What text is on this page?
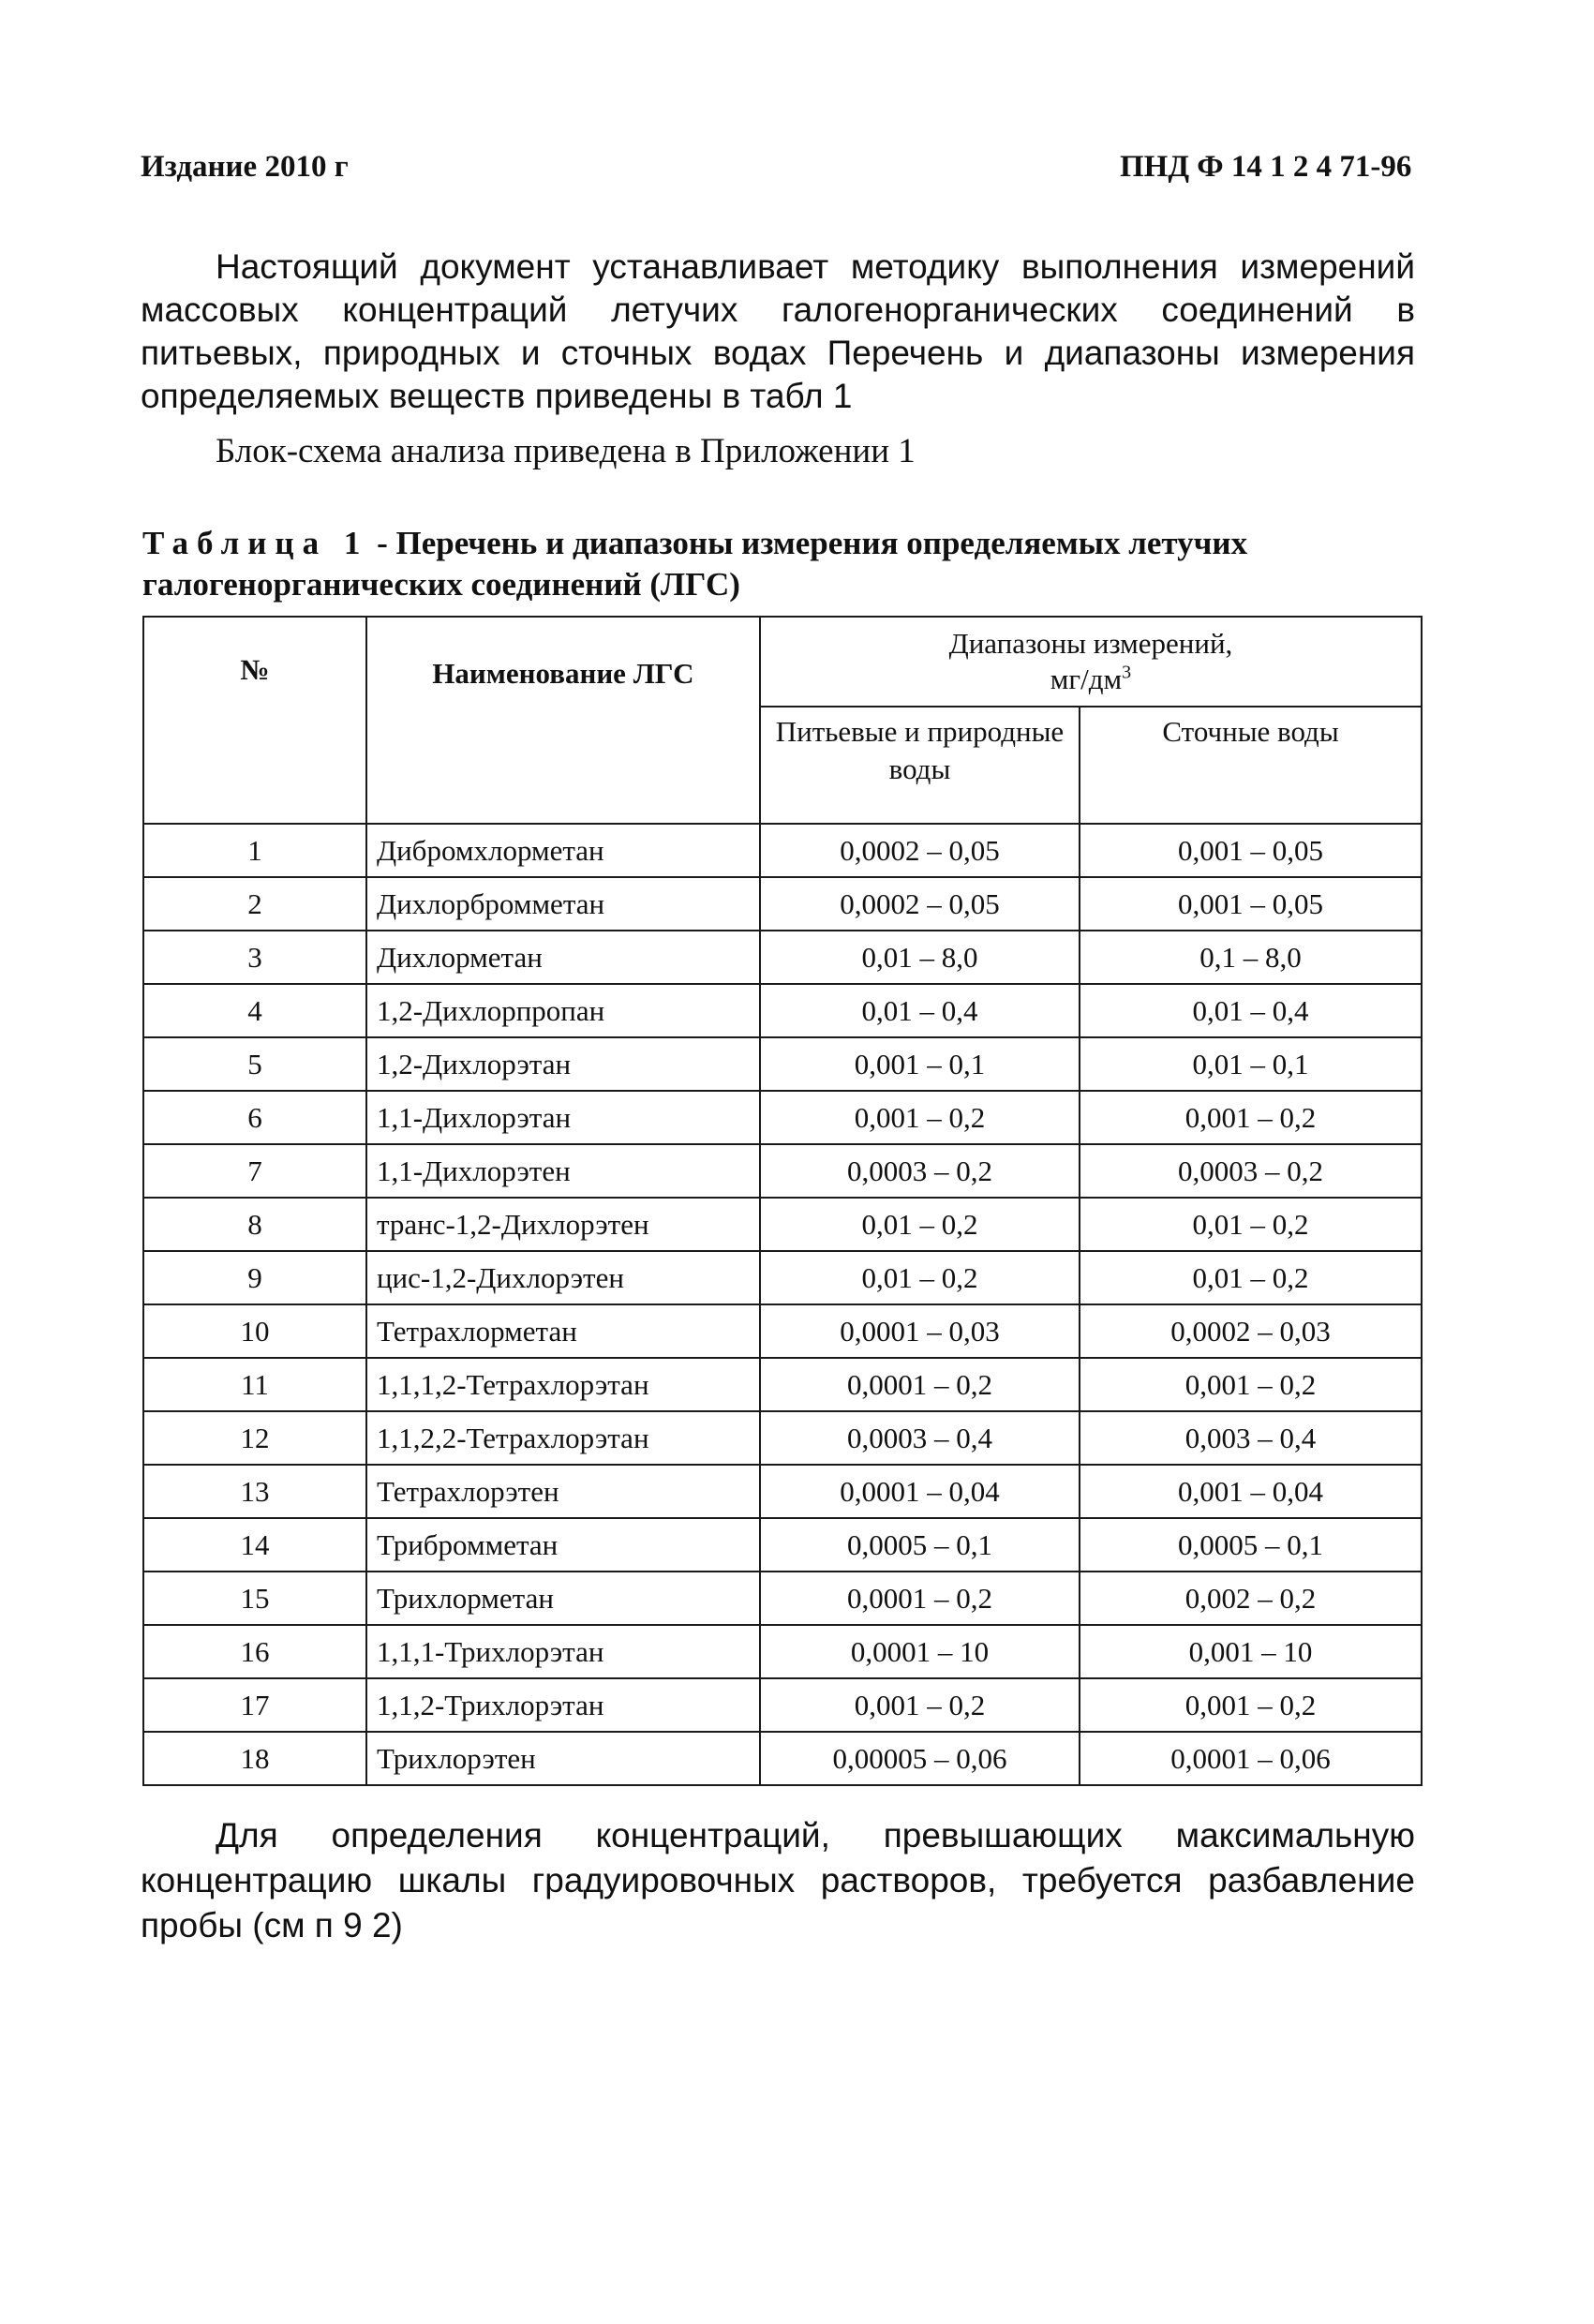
Издание 2010 г	ПНД Ф 14 1 2 4 71-96

Настоящий документ устанавливает методику выполнения измерений массовых концентраций летучих галогенорганических соединений в питьевых, природных и сточных водах Перечень и диапазоны измерения определяемых веществ приведены в табл 1

Блок-схема анализа приведена в Приложении 1

Таблица 1 - Перечень и диапазоны измерения определяемых летучих галогенорганических соединений (ЛГС)

№	Наименование ЛГС	Диапазоны измерений,
$мг/дм^3$
		Питьевые и природные воды	Сточные воды
1	Дибромхлорметан	0,0002 – 0,05	0,001 – 0,05
2	Дихлорбромметан	0,0002 – 0,05	0,001 – 0,05
3	Дихлорметан	0,01 – 8,0	0,1 – 8,0
4	1,2-Дихлорпропан	0,01 – 0,4	0,01 – 0,4
5	1,2-Дихлорэтан	0,001 – 0,1	0,01 – 0,1
6	1,1-Дихлорэтан	0,001 – 0,2	0,001 – 0,2
7	1,1-Дихлорэтен	0,0003 – 0,2	0,0003 – 0,2
8	транс-1,2-Дихлорэтен	0,01 – 0,2	0,01 – 0,2
9	цис-1,2-Дихлорэтен	0,01 – 0,2	0,01 – 0,2
10	Тетрахлорметан	0,0001 – 0,03	0,0002 – 0,03
11	1,1,1,2-Тетрахлорэтан	0,0001 – 0,2	0,001 – 0,2
12	1,1,2,2-Тетрахлорэтан	0,0003 – 0,4	0,003 – 0,4
13	Тетрахлорэтен	0,0001 – 0,04	0,001 – 0,04
14	Трибромметан	0,0005 – 0,1	0,0005 – 0,1
15	Трихлорметан	0,0001 – 0,2	0,002 – 0,2
16	1,1,1-Трихлорэтан	0,0001 – 10	0,001 – 10
17	1,1,2-Трихлорэтан	0,001 – 0,2	0,001 – 0,2
18	Трихлорэтен	0,00005 – 0,06	0,0001 – 0,06

Для определения концентраций, превышающих максимальную концентрацию шкалы градуировочных растворов, требуется разбавление пробы (см п 9 2)
